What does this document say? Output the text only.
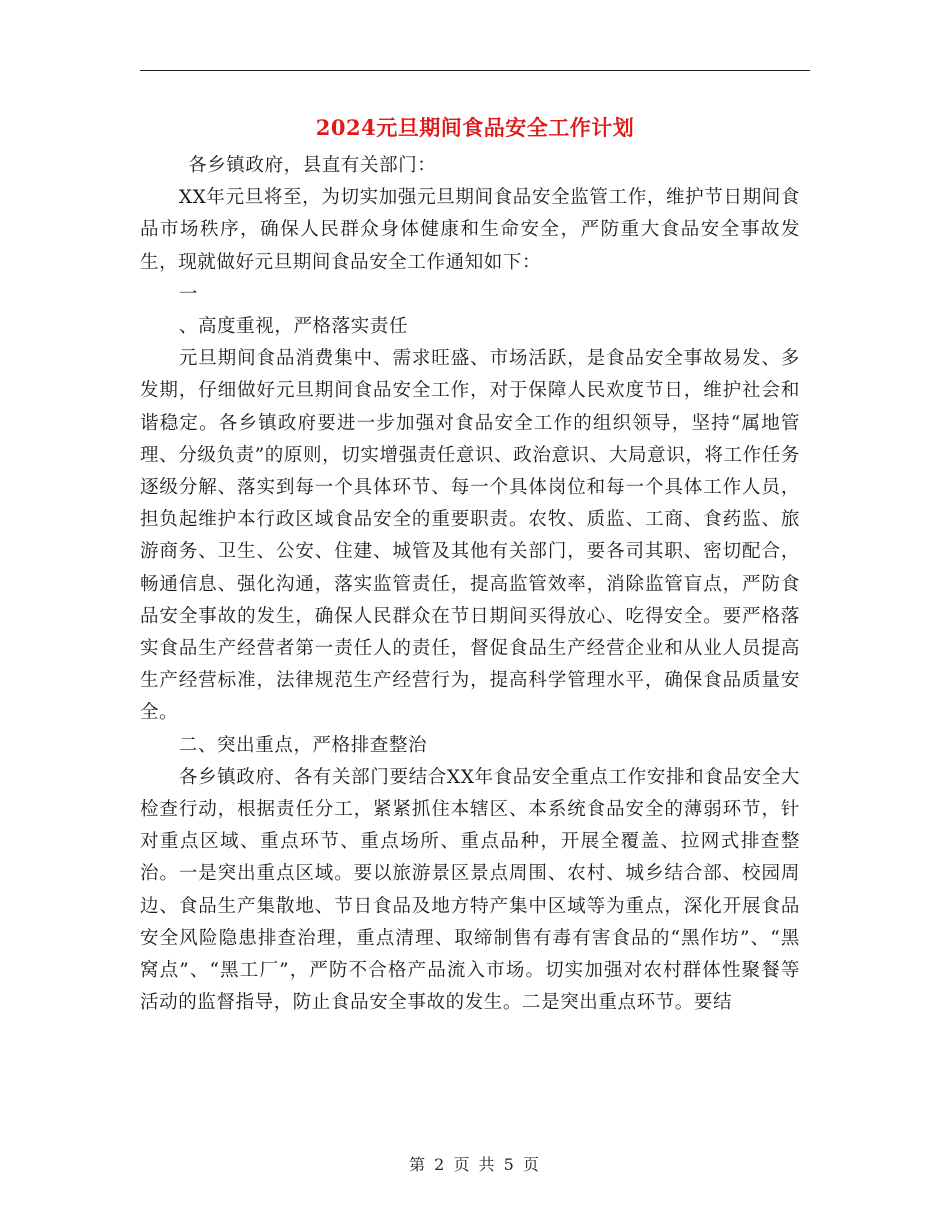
2024元旦期间食品安全工作计划

各乡镇政府，县直有关部门：

XX年元旦将至，为切实加强元旦期间食品安全监管工作，维护节日期间食品市场秩序，确保人民群众身体健康和生命安全，严防重大食品安全事故发生，现就做好元旦期间食品安全工作通知如下：

一

、高度重视，严格落实责任

元旦期间食品消费集中、需求旺盛、市场活跃，是食品安全事故易发、多发期，仔细做好元旦期间食品安全工作，对于保障人民欢度节日，维护社会和谐稳定。各乡镇政府要进一步加强对食品安全工作的组织领导，坚持“属地管理、分级负责”的原则，切实增强责任意识、政治意识、大局意识，将工作任务逐级分解、落实到每一个具体环节、每一个具体岗位和每一个具体工作人员，担负起维护本行政区域食品安全的重要职责。农牧、质监、工商、食药监、旅游商务、卫生、公安、住建、城管及其他有关部门，要各司其职、密切配合，畅通信息、强化沟通，落实监管责任，提高监管效率，消除监管盲点，严防食品安全事故的发生，确保人民群众在节日期间买得放心、吃得安全。要严格落实食品生产经营者第一责任人的责任，督促食品生产经营企业和从业人员提高生产经营标准，法律规范生产经营行为，提高科学管理水平，确保食品质量安全。

二、突出重点，严格排查整治

各乡镇政府、各有关部门要结合XX年食品安全重点工作安排和食品安全大检查行动，根据责任分工，紧紧抓住本辖区、本系统食品安全的薄弱环节，针对重点区域、重点环节、重点场所、重点品种，开展全覆盖、拉网式排查整治。一是突出重点区域。要以旅游景区景点周围、农村、城乡结合部、校园周边、食品生产集散地、节日食品及地方特产集中区域等为重点，深化开展食品安全风险隐患排查治理，重点清理、取缔制售有毒有害食品的“黑作坊”、“黑窝点”、“黑工厂”，严防不合格产品流入市场。切实加强对农村群体性聚餐等活动的监督指导，防止食品安全事故的发生。二是突出重点环节。要结

第 2 页 共 5 页
